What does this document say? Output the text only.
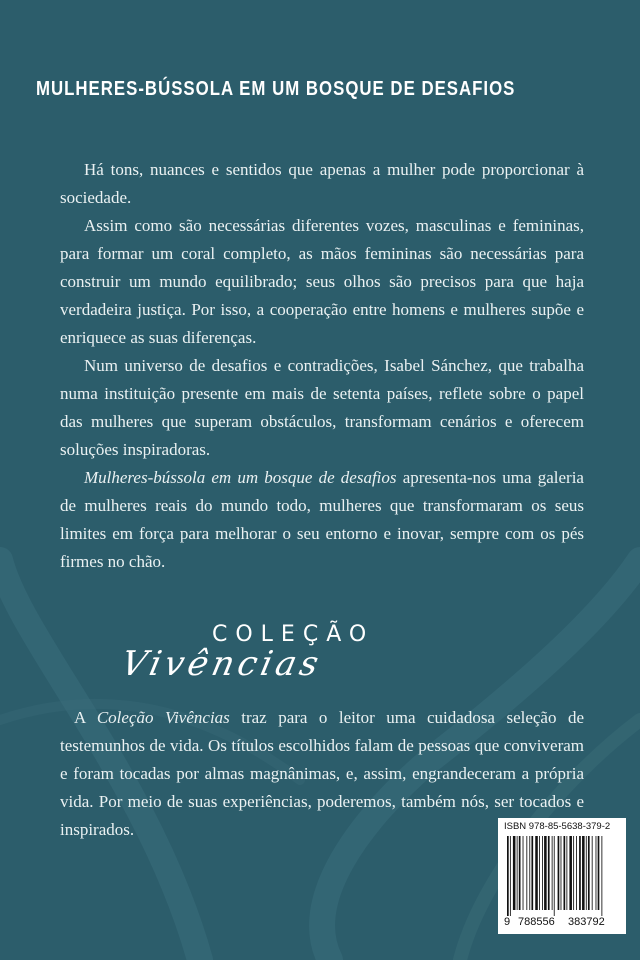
MULHERES-BÚSSOLA EM UM BOSQUE DE DESAFIOS

Há tons, nuances e sentidos que apenas a mulher pode proporcionar à sociedade.

Assim como são necessárias diferentes vozes, masculinas e femininas, para formar um coral completo, as mãos femininas são necessárias para construir um mundo equilibrado; seus olhos são precisos para que haja verdadeira justiça. Por isso, a cooperação entre homens e mulheres supõe e enriquece as suas diferenças.

Num universo de desafios e contradições, Isabel Sánchez, que trabalha numa instituição presente em mais de setenta países, reflete sobre o papel das mulheres que superam obstáculos, transformam cenários e oferecem soluções inspiradoras.

Mulheres-bússola em um bosque de desafios apresenta-nos uma galeria de mulheres reais do mundo todo, mulheres que transformaram os seus limites em força para melhorar o seu entorno e inovar, sempre com os pés firmes no chão.

COLEÇÃO
Vivências

A Coleção Vivências traz para o leitor uma cuidadosa seleção de testemunhos de vida. Os títulos escolhidos falam de pessoas que conviveram e foram tocadas por almas magnânimas, e, assim, engrandeceram a própria vida. Por meio de suas experiências, poderemos, também nós, ser tocados e inspirados.	ISBN 978-85-5638-379-2
9 788556 383792
